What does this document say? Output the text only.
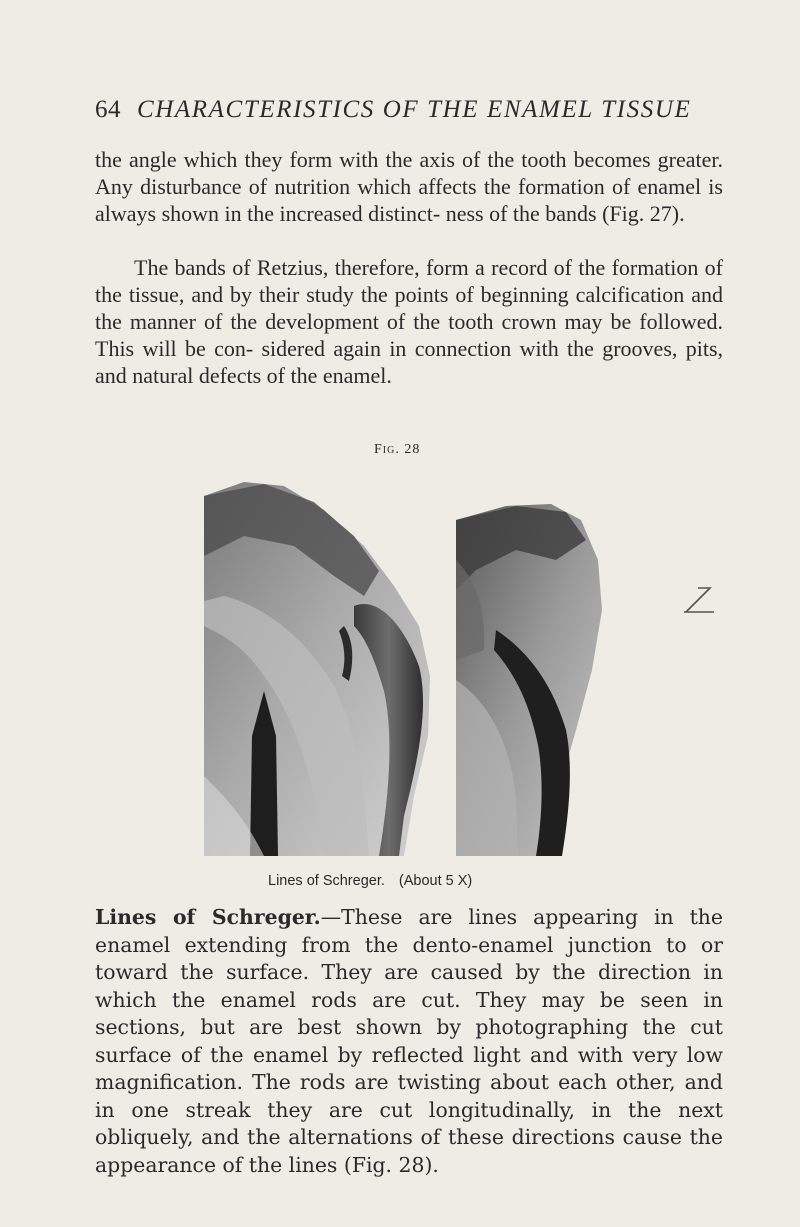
64 CHARACTERISTICS OF THE ENAMEL TISSUE

the angle which they form with the axis of the tooth becomes greater. Any disturbance of nutrition which affects the formation of enamel is always shown in the increased distinct- ness of the bands (Fig. 27).

The bands of Retzius, therefore, form a record of the formation of the tissue, and by their study the points of beginning calcification and the manner of the development of the tooth crown may be followed. This will be con- sidered again in connection with the grooves, pits, and natural defects of the enamel.

Fig. 28
Lines of Schreger. (About 5 X)

Lines of Schreger.—These are lines appearing in the enamel extending from the dento-enamel junction to or toward the surface. They are caused by the direction in which the enamel rods are cut. They may be seen in sections, but are best shown by photographing the cut surface of the enamel by reflected light and with very low magnification. The rods are twisting about each other, and in one streak they are cut longitudinally, in the next obliquely, and the alternations of these directions cause the appearance of the lines (Fig. 28).
